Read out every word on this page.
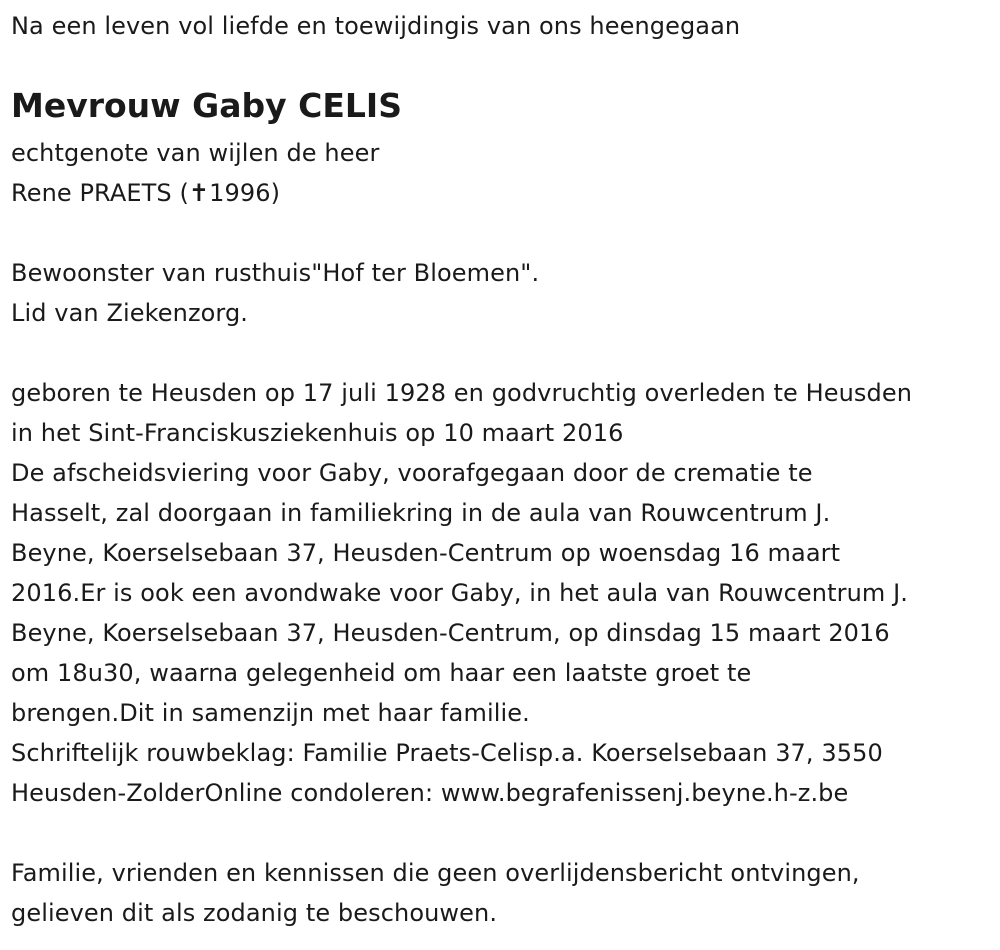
Na een leven vol liefde en toewijdingis van ons heengegaan
Mevrouw Gaby CELIS
echtgenote van wijlen de heer
Rene PRAETS (✝1996)
Bewoonster van rusthuis"Hof ter Bloemen".
Lid van Ziekenzorg.
geboren te Heusden op 17 juli 1928 en godvruchtig overleden te Heusden
in het Sint-Franciskusziekenhuis op 10 maart 2016
De afscheidsviering voor Gaby, voorafgegaan door de crematie te
Hasselt, zal doorgaan in familiekring in de aula van Rouwcentrum J.
Beyne, Koerselsebaan 37, Heusden-Centrum op woensdag 16 maart
2016.Er is ook een avondwake voor Gaby, in het aula van Rouwcentrum J.
Beyne, Koerselsebaan 37, Heusden-Centrum, op dinsdag 15 maart 2016
om 18u30, waarna gelegenheid om haar een laatste groet te
brengen.Dit in samenzijn met haar familie.
Schriftelijk rouwbeklag: Familie Praets-Celisp.a. Koerselsebaan 37, 3550
Heusden-ZolderOnline condoleren: www.begrafenissenj.beyne.h-z.be
Familie, vrienden en kennissen die geen overlijdensbericht ontvingen,
gelieven dit als zodanig te beschouwen.
